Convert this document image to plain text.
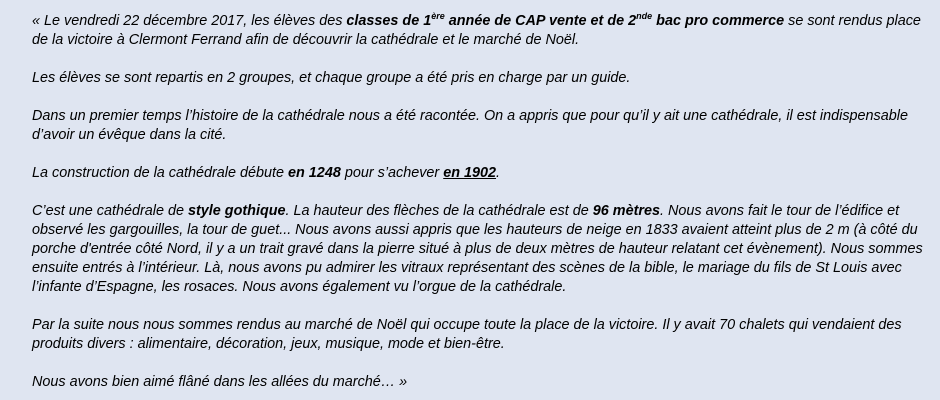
« Le vendredi 22 décembre 2017, les élèves des classes de 1ère année de CAP vente et de 2nde bac pro commerce se sont rendus place de la victoire à Clermont Ferrand afin de découvrir la cathédrale et le marché de Noël.

Les élèves se sont repartis en 2 groupes, et chaque groupe a été pris en charge par un guide.

Dans un premier temps l’histoire de la cathédrale nous a été racontée. On a appris que pour qu’il y ait une cathédrale, il est indispensable d’avoir un évêque dans la cité.

La construction de la cathédrale débute en 1248 pour s’achever en 1902.

C’est une cathédrale de style gothique. La hauteur des flèches de la cathédrale est de 96 mètres. Nous avons fait le tour de l’édifice et observé les gargouilles, la tour de guet... Nous avons aussi appris que les hauteurs de neige en 1833 avaient atteint plus de 2 m (à côté du porche d'entrée côté Nord, il y a un trait gravé dans la pierre situé à plus de deux mètres de hauteur relatant cet évènement). Nous sommes ensuite entrés à l’intérieur. Là, nous avons pu admirer les vitraux représentant des scènes de la bible, le mariage du fils de St Louis avec l’infante d’Espagne, les rosaces. Nous avons également vu l’orgue de la cathédrale.

Par la suite nous nous sommes rendus au marché de Noël qui occupe toute la place de la victoire. Il y avait 70 chalets qui vendaient des produits divers : alimentaire, décoration, jeux, musique, mode et bien-être.

Nous avons bien aimé flâné dans les allées du marché… »
